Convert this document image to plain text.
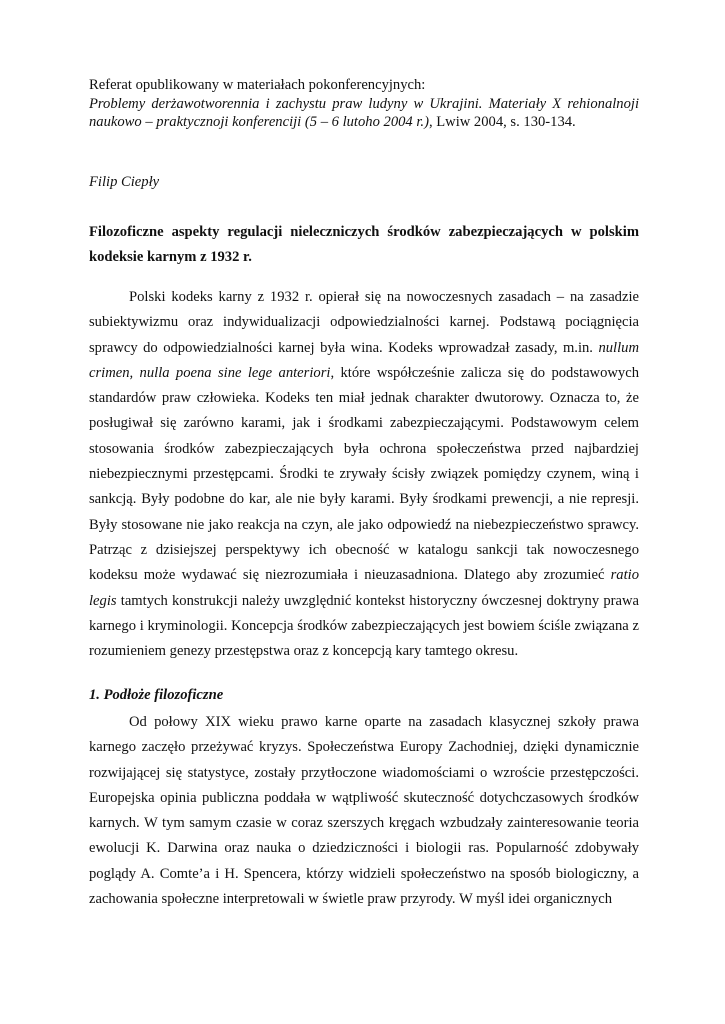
Referat opublikowany w materiałach pokonferencyjnych:
Problemy derżawotworennia i zachystu praw ludyny w Ukrajini. Materiały X rehionalnoji naukowo – praktycznoji konferenciji (5 – 6 lutoho 2004 r.), Lwiw 2004, s. 130-134.

Filip Ciepły

Filozoficzne aspekty regulacji nieleczniczych środków zabezpieczających w polskim kodeksie karnym z 1932 r.

Polski kodeks karny z 1932 r. opierał się na nowoczesnych zasadach – na zasadzie subiektywizmu oraz indywidualizacji odpowiedzialności karnej. Podstawą pociągnięcia sprawcy do odpowiedzialności karnej była wina. Kodeks wprowadzał zasady, m.in. nullum crimen, nulla poena sine lege anteriori, które współcześnie zalicza się do podstawowych standardów praw człowieka. Kodeks ten miał jednak charakter dwutorowy. Oznacza to, że posługiwał się zarówno karami, jak i środkami zabezpieczającymi. Podstawowym celem stosowania środków zabezpieczających była ochrona społeczeństwa przed najbardziej niebezpiecznymi przestępcami. Środki te zrywały ścisły związek pomiędzy czynem, winą i sankcją. Były podobne do kar, ale nie były karami. Były środkami prewencji, a nie represji. Były stosowane nie jako reakcja na czyn, ale jako odpowiedź na niebezpieczeństwo sprawcy. Patrząc z dzisiejszej perspektywy ich obecność w katalogu sankcji tak nowoczesnego kodeksu może wydawać się niezrozumiała i nieuzasadniona. Dlatego aby zrozumieć ratio legis tamtych konstrukcji należy uwzględnić kontekst historyczny ówczesnej doktryny prawa karnego i kryminologii. Koncepcja środków zabezpieczających jest bowiem ściśle związana z rozumieniem genezy przestępstwa oraz z koncepcją kary tamtego okresu.

1. Podłoże filozoficzne

Od połowy XIX wieku prawo karne oparte na zasadach klasycznej szkoły prawa karnego zaczęło przeżywać kryzys. Społeczeństwa Europy Zachodniej, dzięki dynamicznie rozwijającej się statystyce, zostały przytłoczone wiadomościami o wzroście przestępczości. Europejska opinia publiczna poddała w wątpliwość skuteczność dotychczasowych środków karnych. W tym samym czasie w coraz szerszych kręgach wzbudzały zainteresowanie teoria ewolucji K. Darwina oraz nauka o dziedziczności i biologii ras. Popularność zdobywały poglądy A. Comte’a i H. Spencera, którzy widzieli społeczeństwo na sposób biologiczny, a zachowania społeczne interpretowali w świetle praw przyrody. W myśl idei organicznych
